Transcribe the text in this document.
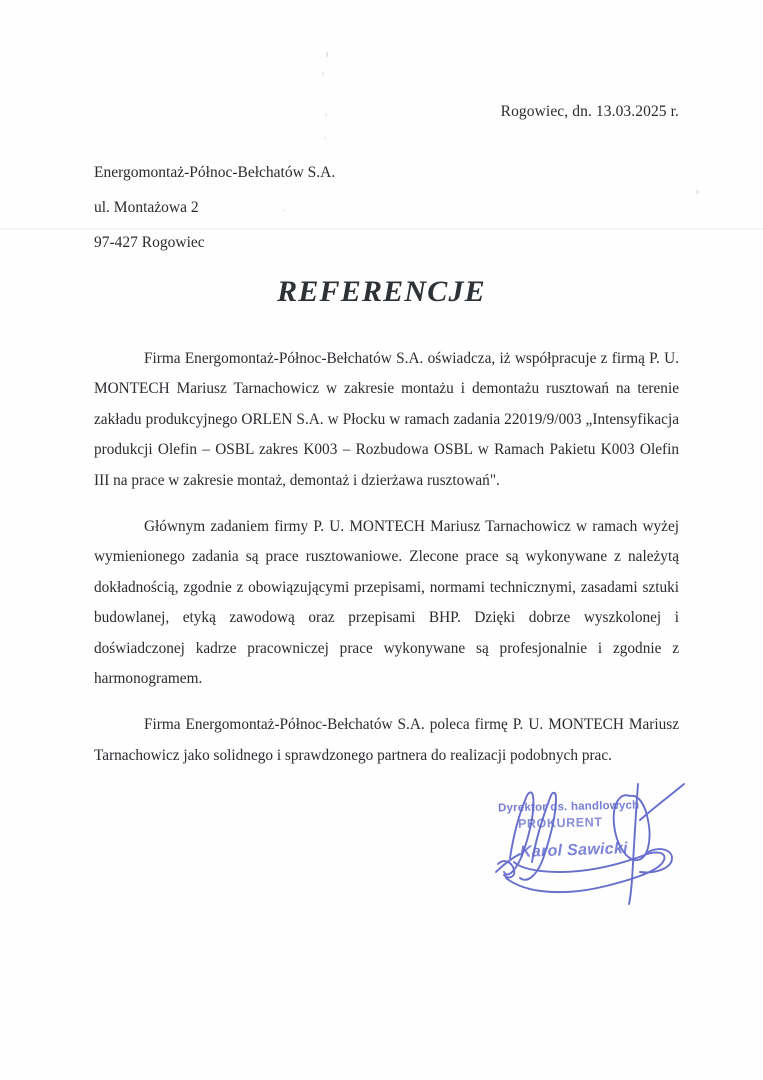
Rogowiec, dn. 13.03.2025 r.
Energomontaż-Północ-Bełchatów S.A.
ul. Montażowa 2
97-427 Rogowiec
REFERENCJE

Firma Energomontaż-Północ-Bełchatów S.A. oświadcza, iż współpracuje z firmą P. U. MONTECH Mariusz Tarnachowicz w zakresie montażu i demontażu rusztowań na terenie zakładu produkcyjnego ORLEN S.A. w Płocku w ramach zadania 22019/9/003 „Intensyfikacja produkcji Olefin – OSBL zakres K003 – Rozbudowa OSBL w Ramach Pakietu K003 Olefin III na prace w zakresie montaż, demontaż i dzierżawa rusztowań".

Głównym zadaniem firmy P. U. MONTECH Mariusz Tarnachowicz w ramach wyżej wymienionego zadania są prace rusztowaniowe. Zlecone prace są wykonywane z należytą dokładnością, zgodnie z obowiązującymi przepisami, normami technicznymi, zasadami sztuki budowlanej, etyką zawodową oraz przepisami BHP. Dzięki dobrze wyszkolonej i doświadczonej kadrze pracowniczej prace wykonywane są profesjonalnie i zgodnie z harmonogramem.

Firma Energomontaż-Północ-Bełchatów S.A. poleca firmę P. U. MONTECH Mariusz Tarnachowicz jako solidnego i sprawdzonego partnera do realizacji podobnych prac.

Dyrektor ds. handlowych
PROKURENT
Karol Sawicki
